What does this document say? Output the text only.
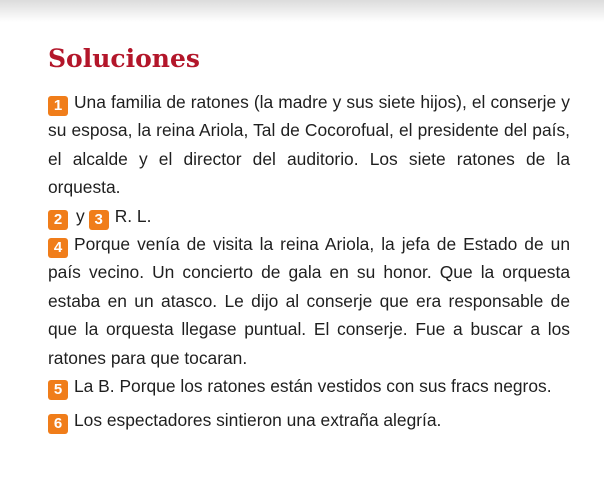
Soluciones

1 Una familia de ratones (la madre y sus siete hijos), el conserje y su esposa, la reina Ariola, Tal de Cocorofual, el presidente del país, el alcalde y el director del auditorio. Los siete ratones de la orquesta.

2 y 3 R. L.

4 Porque venía de visita la reina Ariola, la jefa de Estado de un país vecino. Un concierto de gala en su honor. Que la orquesta estaba en un atasco. Le dijo al conserje que era responsable de que la orquesta llegase puntual. El conserje. Fue a buscar a los ratones para que tocaran.

5 La B. Porque los ratones están vestidos con sus fracs negros.

6 Los espectadores sintieron una extraña alegría.
